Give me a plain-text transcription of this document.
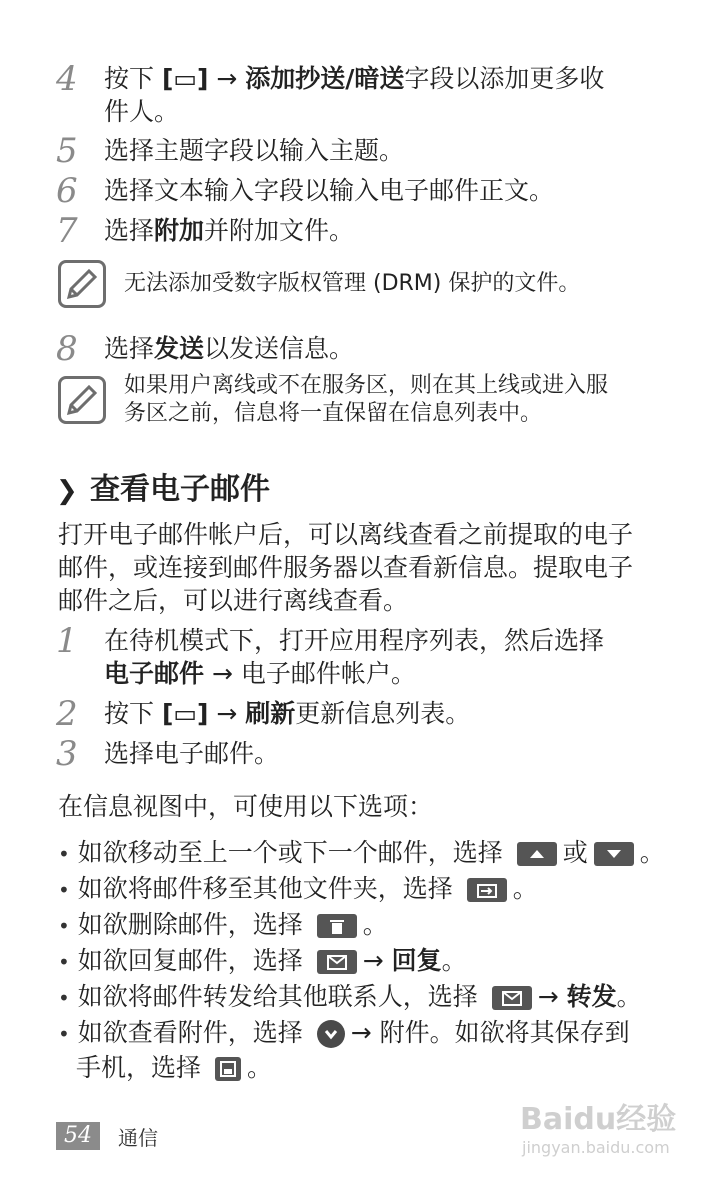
4	按下 [▭] → 添加抄送/暗送字段以添加更多收
件人。
5	选择主题字段以输入主题。
6	选择文本输入字段以输入电子邮件正文。
7	选择附加并附加文件。
无法添加受数字版权管理 (DRM) 保护的文件。
8	选择发送以发送信息。
如果用户离线或不在服务区，则在其上线或进入服
务区之前，信息将一直保留在信息列表中。
❯ 查看电子邮件
打开电子邮件帐户后，可以离线查看之前提取的电子
邮件，或连接到邮件服务器以查看新信息。提取电子
邮件之后，可以进行离线查看。
1	在待机模式下，打开应用程序列表，然后选择
电子邮件 → 电子邮件帐户。
2	按下 [▭] → 刷新更新信息列表。
3	选择电子邮件。
在信息视图中，可使用以下选项：
• 如欲移动至上一个或下一个邮件，选择 或 。
• 如欲将邮件移至其他文件夹，选择 。
• 如欲删除邮件，选择 。
• 如欲回复邮件，选择 → 回复。
• 如欲将邮件转发给其他联系人，选择 → 转发。
• 如欲查看附件，选择 → 附件。如欲将其保存到
手机，选择 。
54	通信
Baidu经验
jingyan.baidu.com
